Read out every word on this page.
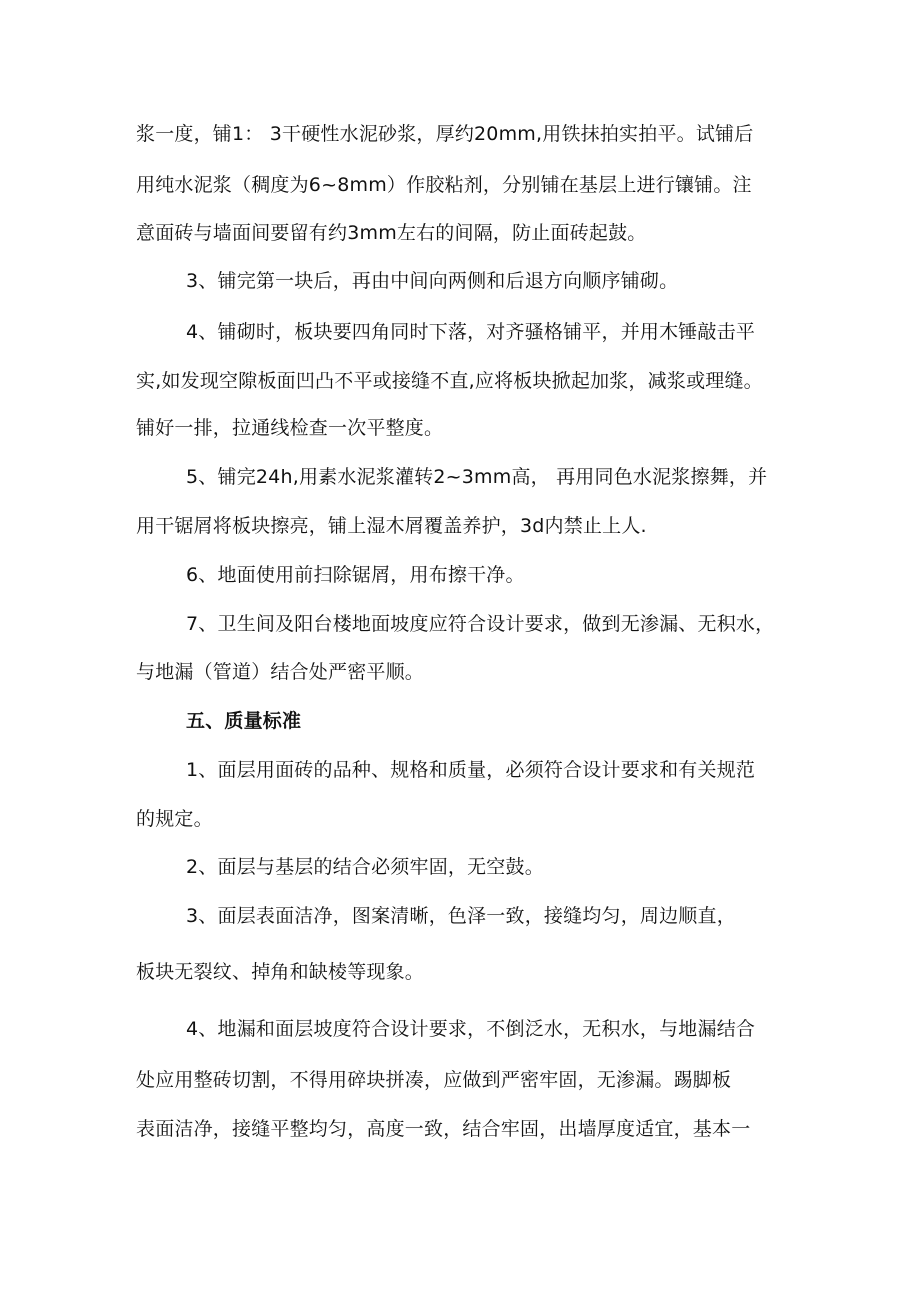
浆一度，铺1： 3干硬性水泥砂浆，厚约20mm,用铁抹拍实拍平。试铺后
用纯水泥浆（稠度为6~8mm）作胶粘剂，分别铺在基层上进行镶铺。注
意面砖与墙面间要留有约3mm左右的间隔，防止面砖起鼓。
3、铺完第一块后，再由中间向两侧和后退方向顺序铺砌。
4、铺砌时，板块要四角同时下落，对齐骚格铺平，并用木锤敲击平
实,如发现空隙板面凹凸不平或接缝不直,应将板块掀起加浆，减浆或理缝。
铺好一排，拉通线检查一次平整度。
5、铺完24h,用素水泥浆灌转2~3mm高， 再用同色水泥浆擦舞，并
用干锯屑将板块擦亮，铺上湿木屑覆盖养护，3d内禁止上人.
6、地面使用前扫除锯屑，用布擦干净。
7、卫生间及阳台楼地面坡度应符合设计要求，做到无渗漏、无积水，
与地漏（管道）结合处严密平顺。
五、质量标准
1、面层用面砖的品种、规格和质量，必须符合设计要求和有关规范
的规定。
2、面层与基层的结合必须牢固，无空鼓。
3、面层表面洁净，图案清晰，色泽一致，接缝均匀，周边顺直，
板块无裂纹、掉角和缺棱等现象。
4、地漏和面层坡度符合设计要求，不倒泛水，无积水，与地漏结合
处应用整砖切割，不得用碎块拼凑，应做到严密牢固，无渗漏。踢脚板
表面洁净，接缝平整均匀，高度一致，结合牢固，出墙厚度适宜，基本一
